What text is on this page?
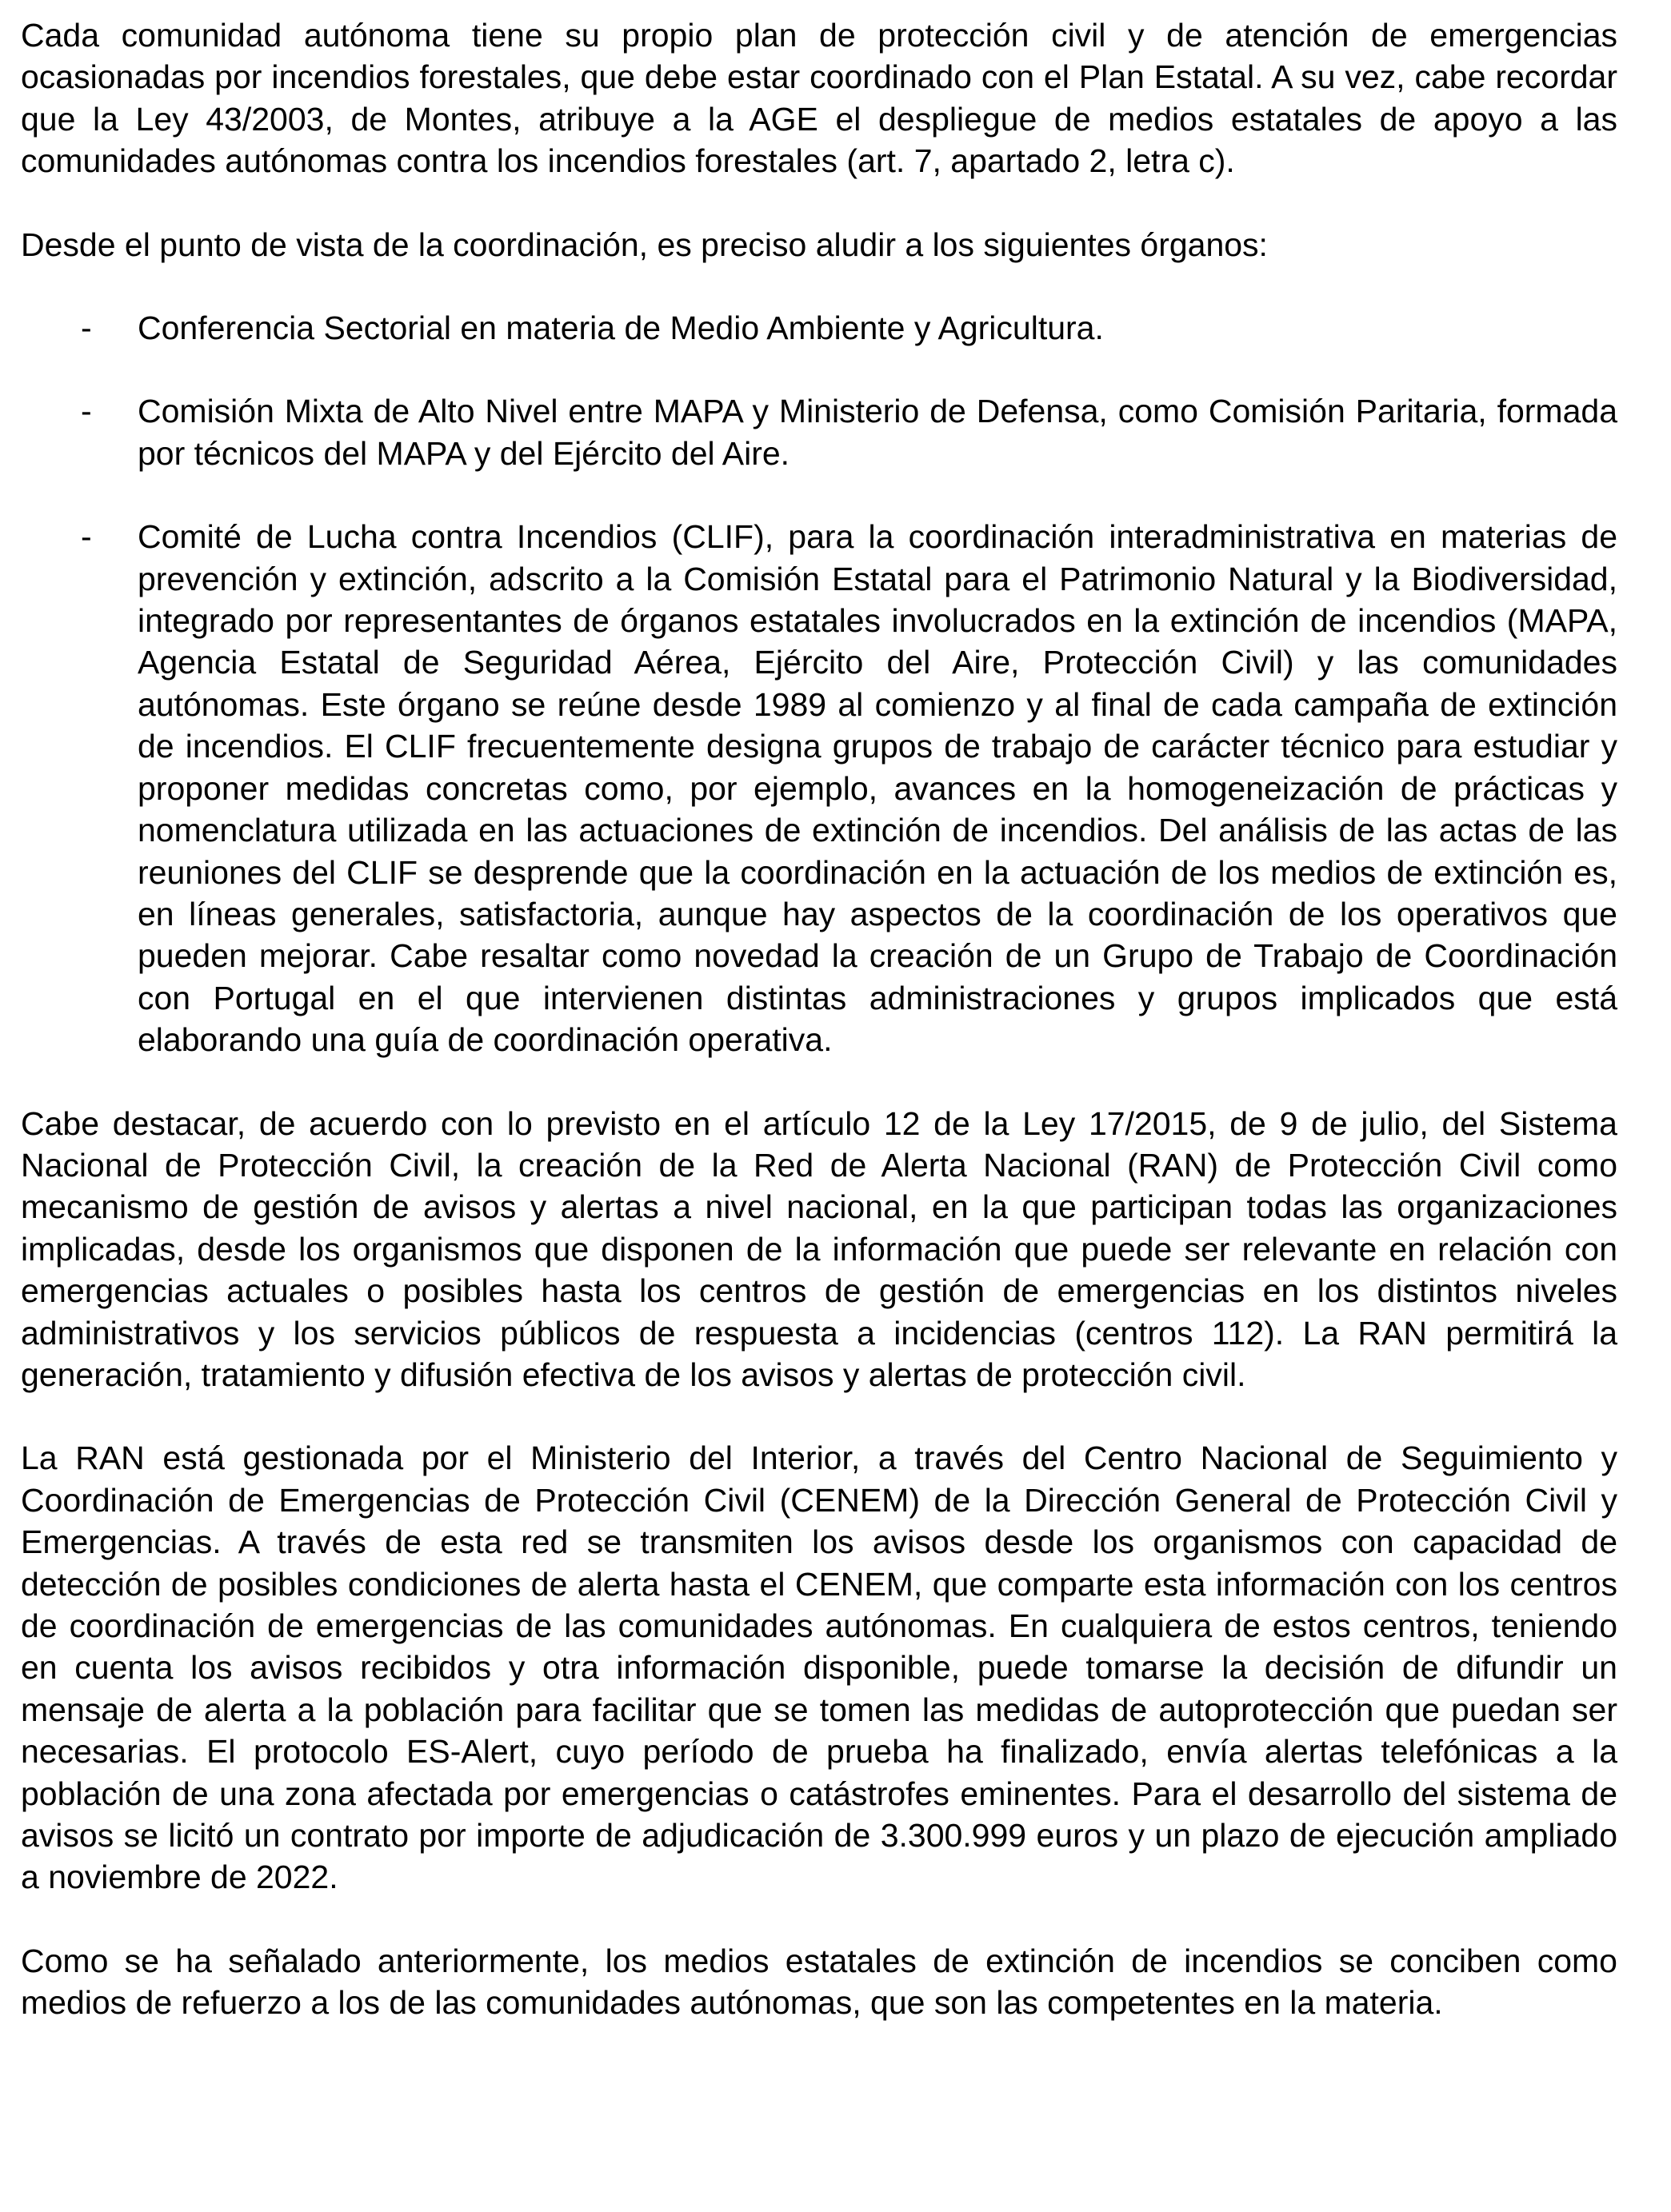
Cada comunidad autónoma tiene su propio plan de protección civil y de atención de emergencias ocasionadas por incendios forestales, que debe estar coordinado con el Plan Estatal. A su vez, cabe recordar que la Ley 43/2003, de Montes, atribuye a la AGE el despliegue de medios estatales de apoyo a las comunidades autónomas contra los incendios forestales (art. 7, apartado 2, letra c).

Desde el punto de vista de la coordinación, es preciso aludir a los siguientes órganos:

- Conferencia Sectorial en materia de Medio Ambiente y Agricultura.
- Comisión Mixta de Alto Nivel entre MAPA y Ministerio de Defensa, como Comisión Paritaria, formada por técnicos del MAPA y del Ejército del Aire.
- Comité de Lucha contra Incendios (CLIF), para la coordinación interadministrativa en materias de prevención y extinción, adscrito a la Comisión Estatal para el Patrimonio Natural y la Biodiversidad, integrado por representantes de órganos estatales involucrados en la extinción de incendios (MAPA, Agencia Estatal de Seguridad Aérea, Ejército del Aire, Protección Civil) y las comunidades autónomas. Este órgano se reúne desde 1989 al comienzo y al final de cada campaña de extinción de incendios. El CLIF frecuentemente designa grupos de trabajo de carácter técnico para estudiar y proponer medidas concretas como, por ejemplo, avances en la homogeneización de prácticas y nomenclatura utilizada en las actuaciones de extinción de incendios. Del análisis de las actas de las reuniones del CLIF se desprende que la coordinación en la actuación de los medios de extinción es, en líneas generales, satisfactoria, aunque hay aspectos de la coordinación de los operativos que pueden mejorar. Cabe resaltar como novedad la creación de un Grupo de Trabajo de Coordinación con Portugal en el que intervienen distintas administraciones y grupos implicados que está elaborando una guía de coordinación operativa.

Cabe destacar, de acuerdo con lo previsto en el artículo 12 de la Ley 17/2015, de 9 de julio, del Sistema Nacional de Protección Civil, la creación de la Red de Alerta Nacional (RAN) de Protección Civil como mecanismo de gestión de avisos y alertas a nivel nacional, en la que participan todas las organizaciones implicadas, desde los organismos que disponen de la información que puede ser relevante en relación con emergencias actuales o posibles hasta los centros de gestión de emergencias en los distintos niveles administrativos y los servicios públicos de respuesta a incidencias (centros 112). La RAN permitirá la generación, tratamiento y difusión efectiva de los avisos y alertas de protección civil.

La RAN está gestionada por el Ministerio del Interior, a través del Centro Nacional de Seguimiento y Coordinación de Emergencias de Protección Civil (CENEM) de la Dirección General de Protección Civil y Emergencias. A través de esta red se transmiten los avisos desde los organismos con capacidad de detección de posibles condiciones de alerta hasta el CENEM, que comparte esta información con los centros de coordinación de emergencias de las comunidades autónomas. En cualquiera de estos centros, teniendo en cuenta los avisos recibidos y otra información disponible, puede tomarse la decisión de difundir un mensaje de alerta a la población para facilitar que se tomen las medidas de autoprotección que puedan ser necesarias. El protocolo ES-Alert, cuyo período de prueba ha finalizado, envía alertas telefónicas a la población de una zona afectada por emergencias o catástrofes eminentes. Para el desarrollo del sistema de avisos se licitó un contrato por importe de adjudicación de 3.300.999 euros y un plazo de ejecución ampliado a noviembre de 2022.

Como se ha señalado anteriormente, los medios estatales de extinción de incendios se conciben como medios de refuerzo a los de las comunidades autónomas, que son las competentes en la materia.
